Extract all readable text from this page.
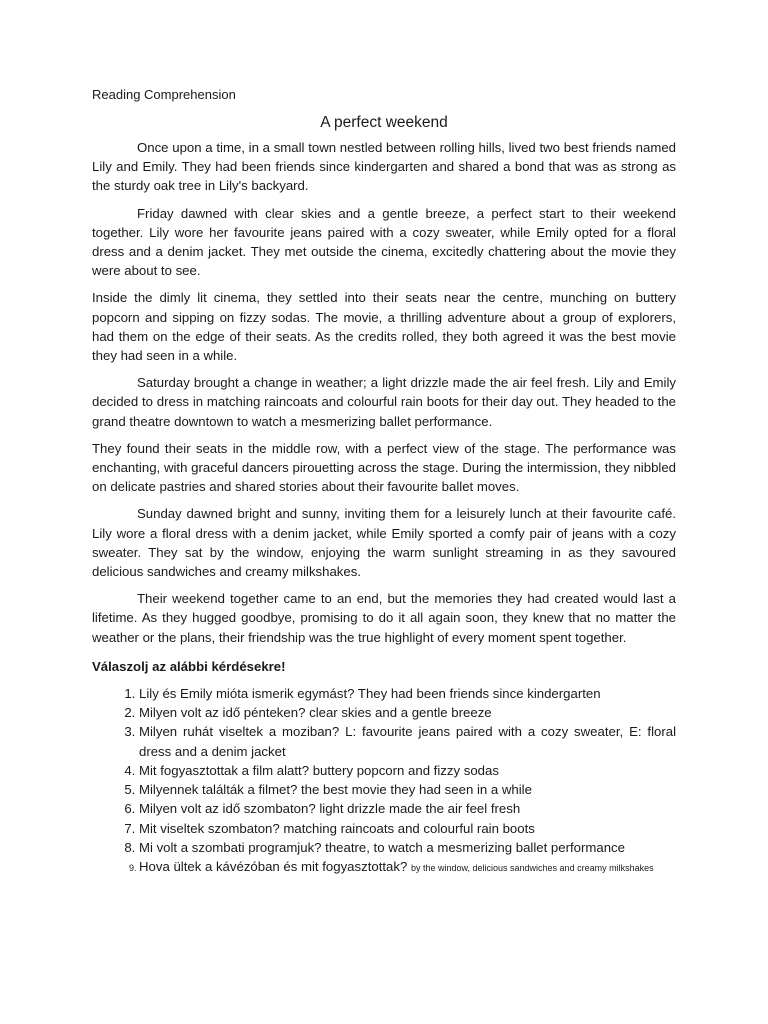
Reading Comprehension
A perfect weekend

Once upon a time, in a small town nestled between rolling hills, lived two best friends named Lily and Emily. They had been friends since kindergarten and shared a bond that was as strong as the sturdy oak tree in Lily's backyard.

Friday dawned with clear skies and a gentle breeze, a perfect start to their weekend together. Lily wore her favourite jeans paired with a cozy sweater, while Emily opted for a floral dress and a denim jacket. They met outside the cinema, excitedly chattering about the movie they were about to see.

Inside the dimly lit cinema, they settled into their seats near the centre, munching on buttery popcorn and sipping on fizzy sodas. The movie, a thrilling adventure about a group of explorers, had them on the edge of their seats. As the credits rolled, they both agreed it was the best movie they had seen in a while.

Saturday brought a change in weather; a light drizzle made the air feel fresh. Lily and Emily decided to dress in matching raincoats and colourful rain boots for their day out. They headed to the grand theatre downtown to watch a mesmerizing ballet performance.

They found their seats in the middle row, with a perfect view of the stage. The performance was enchanting, with graceful dancers pirouetting across the stage. During the intermission, they nibbled on delicate pastries and shared stories about their favourite ballet moves.

Sunday dawned bright and sunny, inviting them for a leisurely lunch at their favourite café. Lily wore a floral dress with a denim jacket, while Emily sported a comfy pair of jeans with a cozy sweater. They sat by the window, enjoying the warm sunlight streaming in as they savoured delicious sandwiches and creamy milkshakes.

Their weekend together came to an end, but the memories they had created would last a lifetime. As they hugged goodbye, promising to do it all again soon, they knew that no matter the weather or the plans, their friendship was the true highlight of every moment spent together.

Válaszolj az alábbi kérdésekre!
1. Lily és Emily mióta ismerik egymást? They had been friends since kindergarten
2. Milyen volt az idő pénteken? clear skies and a gentle breeze
3. Milyen ruhát viseltek a moziban? L: favourite jeans paired with a cozy sweater, E: floral dress and a denim jacket
4. Mit fogyasztottak a film alatt? buttery popcorn and fizzy sodas
5. Milyennek találták a filmet? the best movie they had seen in a while
6. Milyen volt az idő szombaton? light drizzle made the air feel fresh
7. Mit viseltek szombaton? matching raincoats and colourful rain boots
8. Mi volt a szombati programjuk? theatre, to watch a mesmerizing ballet performance
9. Hova ültek a kávézóban és mit fogyasztottak? by the window, delicious sandwiches and creamy milkshakes
